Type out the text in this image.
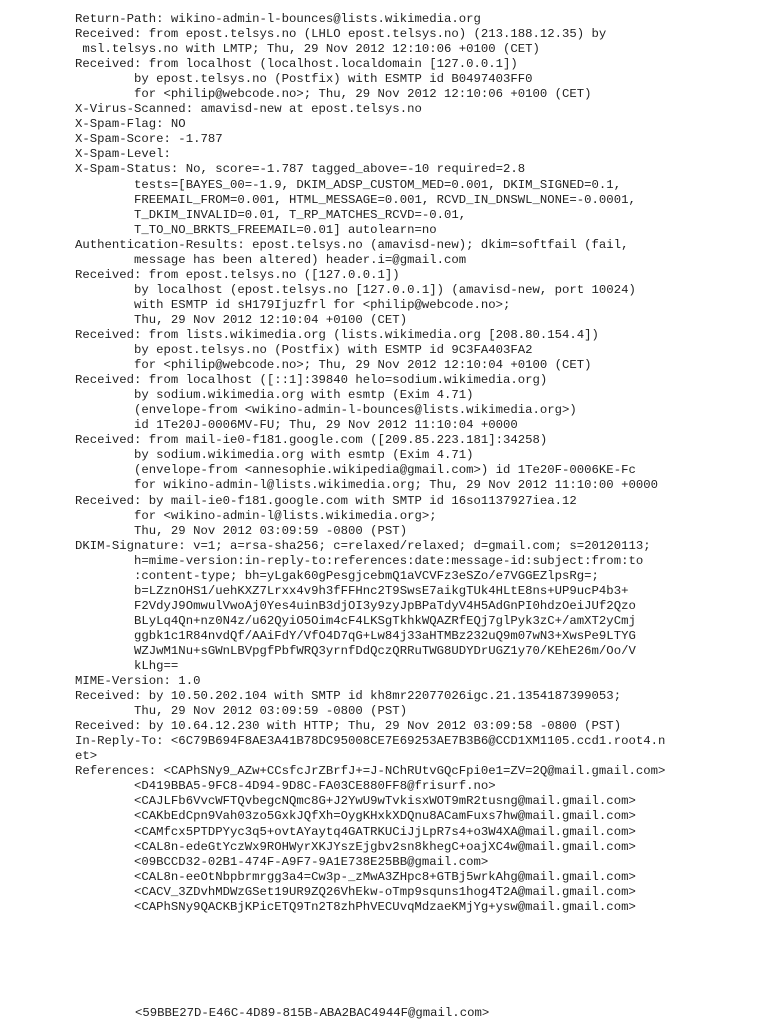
Return-Path: wikino-admin-l-bounces@lists.wikimedia.org
Received: from epost.telsys.no (LHLO epost.telsys.no) (213.188.12.35) by
msl.telsys.no with LMTP; Thu, 29 Nov 2012 12:10:06 +0100 (CET)
Received: from localhost (localhost.localdomain [127.0.0.1])
by epost.telsys.no (Postfix) with ESMTP id B0497403FF0
for <philip@webcode.no>; Thu, 29 Nov 2012 12:10:06 +0100 (CET)
X-Virus-Scanned: amavisd-new at epost.telsys.no
X-Spam-Flag: NO
X-Spam-Score: -1.787
X-Spam-Level:
X-Spam-Status: No, score=-1.787 tagged_above=-10 required=2.8
tests=[BAYES_00=-1.9, DKIM_ADSP_CUSTOM_MED=0.001, DKIM_SIGNED=0.1,
FREEMAIL_FROM=0.001, HTML_MESSAGE=0.001, RCVD_IN_DNSWL_NONE=-0.0001,
T_DKIM_INVALID=0.01, T_RP_MATCHES_RCVD=-0.01,
T_TO_NO_BRKTS_FREEMAIL=0.01] autolearn=no
Authentication-Results: epost.telsys.no (amavisd-new); dkim=softfail (fail,
message has been altered) header.i=@gmail.com
Received: from epost.telsys.no ([127.0.0.1])
by localhost (epost.telsys.no [127.0.0.1]) (amavisd-new, port 10024)
with ESMTP id sH179Ijuzfrl for <philip@webcode.no>;
Thu, 29 Nov 2012 12:10:04 +0100 (CET)
Received: from lists.wikimedia.org (lists.wikimedia.org [208.80.154.4])
by epost.telsys.no (Postfix) with ESMTP id 9C3FA403FA2
for <philip@webcode.no>; Thu, 29 Nov 2012 12:10:04 +0100 (CET)
Received: from localhost ([::1]:39840 helo=sodium.wikimedia.org)
by sodium.wikimedia.org with esmtp (Exim 4.71)
(envelope-from <wikino-admin-l-bounces@lists.wikimedia.org>)
id 1Te20J-0006MV-FU; Thu, 29 Nov 2012 11:10:04 +0000
Received: from mail-ie0-f181.google.com ([209.85.223.181]:34258)
by sodium.wikimedia.org with esmtp (Exim 4.71)
(envelope-from <annesophie.wikipedia@gmail.com>) id 1Te20F-0006KE-Fc
for wikino-admin-l@lists.wikimedia.org; Thu, 29 Nov 2012 11:10:00 +0000
Received: by mail-ie0-f181.google.com with SMTP id 16so1137927iea.12
for <wikino-admin-l@lists.wikimedia.org>;
Thu, 29 Nov 2012 03:09:59 -0800 (PST)
DKIM-Signature: v=1; a=rsa-sha256; c=relaxed/relaxed; d=gmail.com; s=20120113;
h=mime-version:in-reply-to:references:date:message-id:subject:from:to
:content-type; bh=yLgak60gPesgjcebmQ1aVCVFz3eSZo/e7VGGEZlpsRg=;
b=LZznOHS1/uehKXZ7Lrxx4v9h3fFFHnc2T9SwsE7aikgTUk4HLtE8ns+UP9ucP4b3+
F2VdyJ9OmwulVwoAj0Yes4uinB3djOI3y9zyJpBPaTdyV4H5AdGnPI0hdzOeiJUf2Qzo
BLyLq4Qn+nz0N4z/u62QyiO5Oim4cF4LKSgTkhkWQAZRfEQj7glPyk3zC+/amXT2yCmj
ggbk1c1R84nvdQf/AAiFdY/VfO4D7qG+Lw84j33aHTMBz232uQ9m07wN3+XwsPe9LTYG
WZJwM1Nu+sGWnLBVpgfPbfWRQ3yrnfDdQczQRRuTWG8UDYDrUGZ1y70/KEhE26m/Oo/V
kLhg==
MIME-Version: 1.0
Received: by 10.50.202.104 with SMTP id kh8mr22077026igc.21.1354187399053;
Thu, 29 Nov 2012 03:09:59 -0800 (PST)
Received: by 10.64.12.230 with HTTP; Thu, 29 Nov 2012 03:09:58 -0800 (PST)
In-Reply-To: <6C79B694F8AE3A41B78DC95008CE7E69253AE7B3B6@CCD1XM1105.ccd1.root4.n
et>
References: <CAPhSNy9_AZw+CCsfcJrZBrfJ+=J-NChRUtvGQcFpi0e1=ZV=2Q@mail.gmail.com>
<D419BBA5-9FC8-4D94-9D8C-FA03CE880FF8@frisurf.no>
<CAJLFb6VvcWFTQvbegcNQmc8G+J2YwU9wTvkisxWOT9mR2tusng@mail.gmail.com>
<CAKbEdCpn9Vah03zo5GxkJQfXh=OygKHxkXDQnu8ACamFuxs7hw@mail.gmail.com>
<CAMfcx5PTDPYyc3q5+ovtAYaytq4GATRKUCiJjLpR7s4+o3W4XA@mail.gmail.com>
<CAL8n-edeGtYczWx9ROHWyrXKJYszEjgbv2sn8khegC+oajXC4w@mail.gmail.com>
<09BCCD32-02B1-474F-A9F7-9A1E738E25BB@gmail.com>
<CAL8n-eeOtNbpbrmrgg3a4=Cw3p-_zMwA3ZHpc8+GTBj5wrkAhg@mail.gmail.com>
<CACV_3ZDvhMDWzGSet19UR9ZQ26VhEkw-oTmp9squns1hog4T2A@mail.gmail.com>
<CAPhSNy9QACKBjKPicETQ9Tn2T8zhPhVECUvqMdzaeKMjYg+ysw@mail.gmail.com>
<59BBE27D-E46C-4D89-815B-ABA2BAC4944F@gmail.com>
